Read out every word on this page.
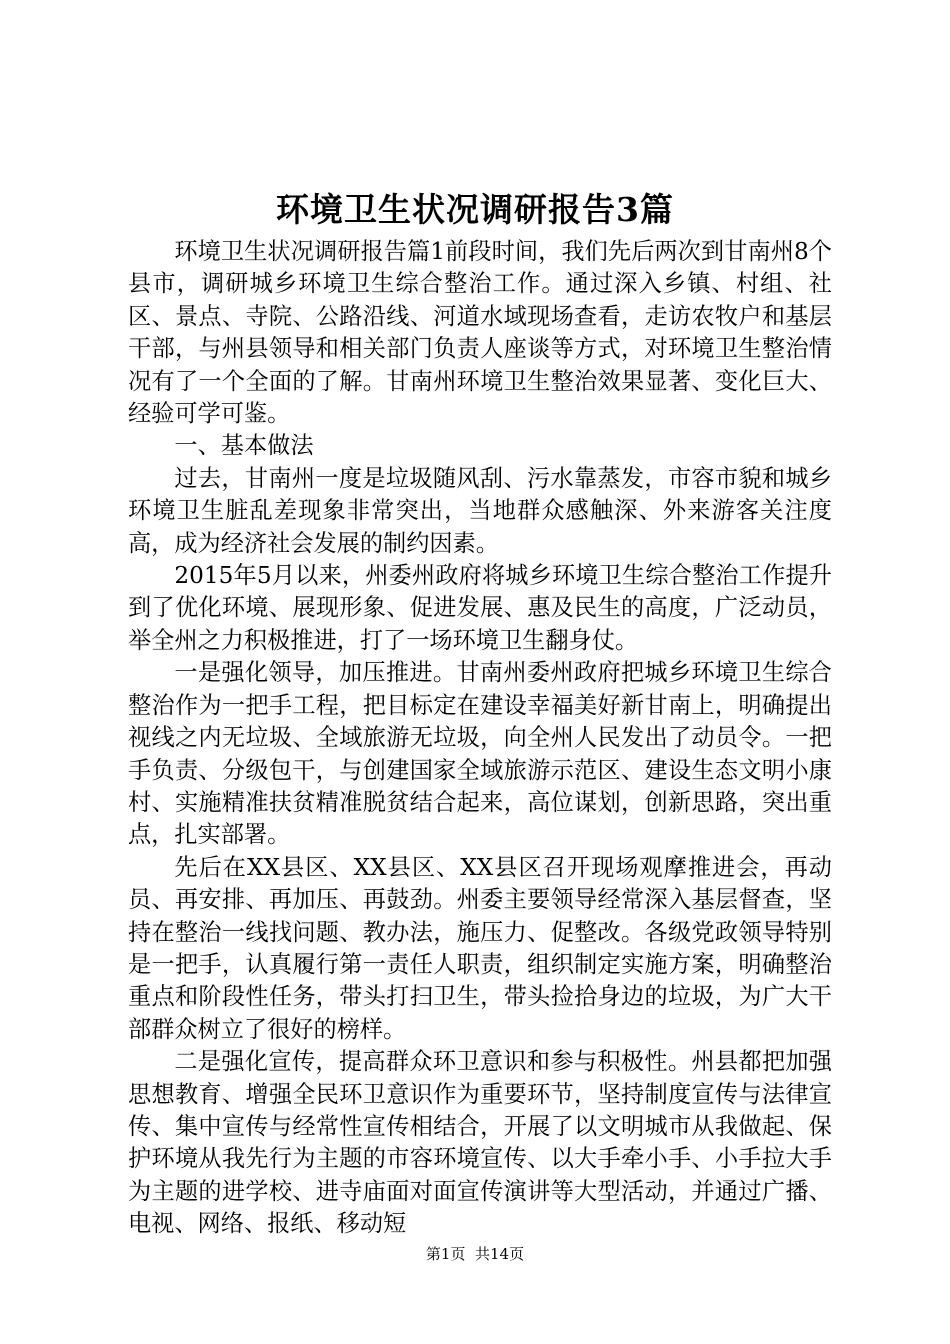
环境卫生状况调研报告3篇

环境卫生状况调研报告篇1前段时间，我们先后两次到甘南州8个县市，调研城乡环境卫生综合整治工作。通过深入乡镇、村组、社区、景点、寺院、公路沿线、河道水域现场查看，走访农牧户和基层干部，与州县领导和相关部门负责人座谈等方式，对环境卫生整治情况有了一个全面的了解。甘南州环境卫生整治效果显著、变化巨大、经验可学可鉴。

一、基本做法

过去，甘南州一度是垃圾随风刮、污水靠蒸发，市容市貌和城乡环境卫生脏乱差现象非常突出，当地群众感触深、外来游客关注度高，成为经济社会发展的制约因素。

2015年5月以来，州委州政府将城乡环境卫生综合整治工作提升到了优化环境、展现形象、促进发展、惠及民生的高度，广泛动员，举全州之力积极推进，打了一场环境卫生翻身仗。

一是强化领导，加压推进。甘南州委州政府把城乡环境卫生综合整治作为一把手工程，把目标定在建设幸福美好新甘南上，明确提出视线之内无垃圾、全域旅游无垃圾，向全州人民发出了动员令。一把手负责、分级包干，与创建国家全域旅游示范区、建设生态文明小康村、实施精准扶贫精准脱贫结合起来，高位谋划，创新思路，突出重点，扎实部署。

先后在XX县区、XX县区、XX县区召开现场观摩推进会，再动员、再安排、再加压、再鼓劲。州委主要领导经常深入基层督查，坚持在整治一线找问题、教办法，施压力、促整改。各级党政领导特别是一把手，认真履行第一责任人职责，组织制定实施方案，明确整治重点和阶段性任务，带头打扫卫生，带头捡拾身边的垃圾，为广大干部群众树立了很好的榜样。

二是强化宣传，提高群众环卫意识和参与积极性。州县都把加强思想教育、增强全民环卫意识作为重要环节，坚持制度宣传与法律宣传、集中宣传与经常性宣传相结合，开展了以文明城市从我做起、保护环境从我先行为主题的市容环境宣传、以大手牵小手、小手拉大手为主题的进学校、进寺庙面对面宣传演讲等大型活动，并通过广播、电视、网络、报纸、移动短

第1页 共14页
